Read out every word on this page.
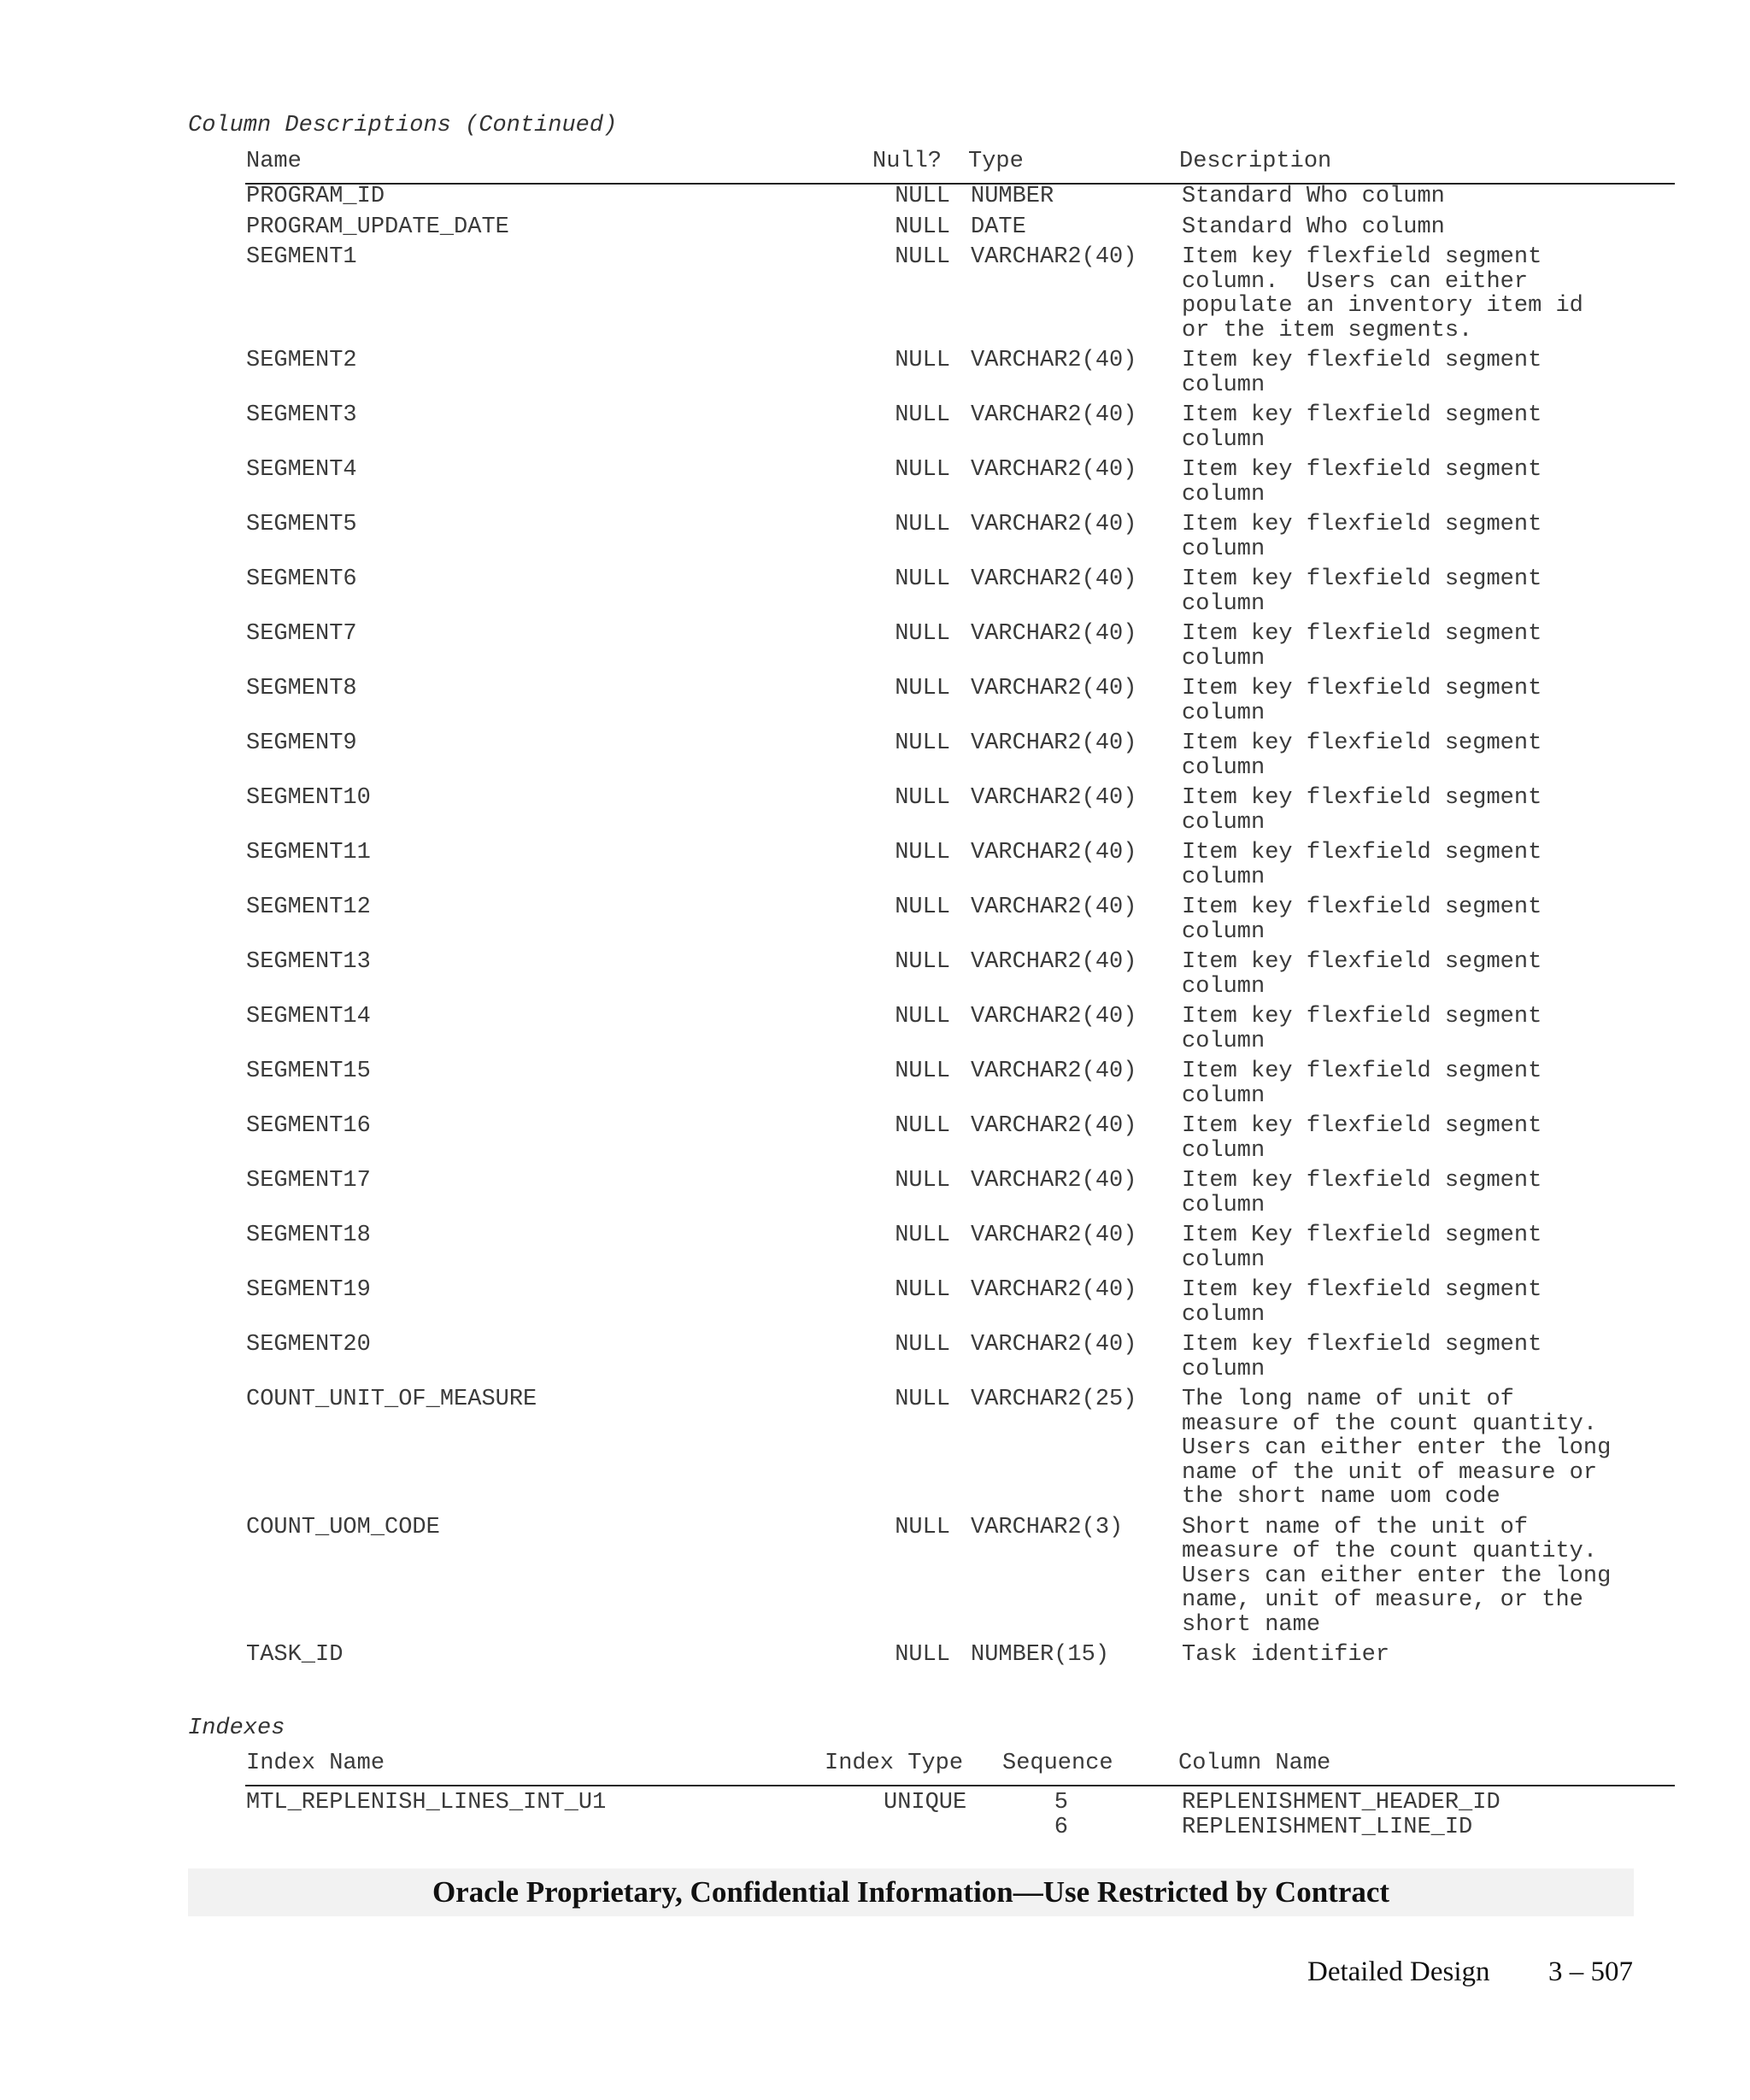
Column Descriptions (Continued)
Name	Null? Type	Description
PROGRAM_ID	NULL NUMBER	Standard Who column
PROGRAM_UPDATE_DATE	NULL DATE	Standard Who column
SEGMENT1	NULL VARCHAR2(40) Item key flexfield segment
column.  Users can either
populate an inventory item id
or the item segments.
SEGMENT2	NULL VARCHAR2(40) Item key flexfield segment
column
SEGMENT3	NULL VARCHAR2(40) Item key flexfield segment
column
SEGMENT4	NULL VARCHAR2(40) Item key flexfield segment
column
SEGMENT5	NULL VARCHAR2(40) Item key flexfield segment
column
SEGMENT6	NULL VARCHAR2(40) Item key flexfield segment
column
SEGMENT7	NULL VARCHAR2(40) Item key flexfield segment
column
SEGMENT8	NULL VARCHAR2(40) Item key flexfield segment
column
SEGMENT9	NULL VARCHAR2(40) Item key flexfield segment
column
SEGMENT10	NULL VARCHAR2(40) Item key flexfield segment
column
SEGMENT11	NULL VARCHAR2(40) Item key flexfield segment
column
SEGMENT12	NULL VARCHAR2(40) Item key flexfield segment
column
SEGMENT13	NULL VARCHAR2(40) Item key flexfield segment
column
SEGMENT14	NULL VARCHAR2(40) Item key flexfield segment
column
SEGMENT15	NULL VARCHAR2(40) Item key flexfield segment
column
SEGMENT16	NULL VARCHAR2(40) Item key flexfield segment
column
SEGMENT17	NULL VARCHAR2(40) Item key flexfield segment
column
SEGMENT18	NULL VARCHAR2(40) Item Key flexfield segment
column
SEGMENT19	NULL VARCHAR2(40) Item key flexfield segment
column
SEGMENT20	NULL VARCHAR2(40) Item key flexfield segment
column
COUNT_UNIT_OF_MEASURE	NULL VARCHAR2(25) The long name of unit of
measure of the count quantity.
Users can either enter the long
name of the unit of measure or
the short name uom code
COUNT_UOM_CODE	NULL VARCHAR2(3)	Short name of the unit of
measure of the count quantity.
Users can either enter the long
name, unit of measure, or the
short name
TASK_ID	NULL NUMBER(15)	Task identifier
Indexes
Index Name	Index Type Sequence	Column Name
MTL_REPLENISH_LINES_INT_U1	UNIQUE	5	REPLENISHMENT_HEADER_ID
6	REPLENISHMENT_LINE_ID
Oracle Proprietary, Confidential Information––Use Restricted by Contract
Detailed Design 3 – 507
